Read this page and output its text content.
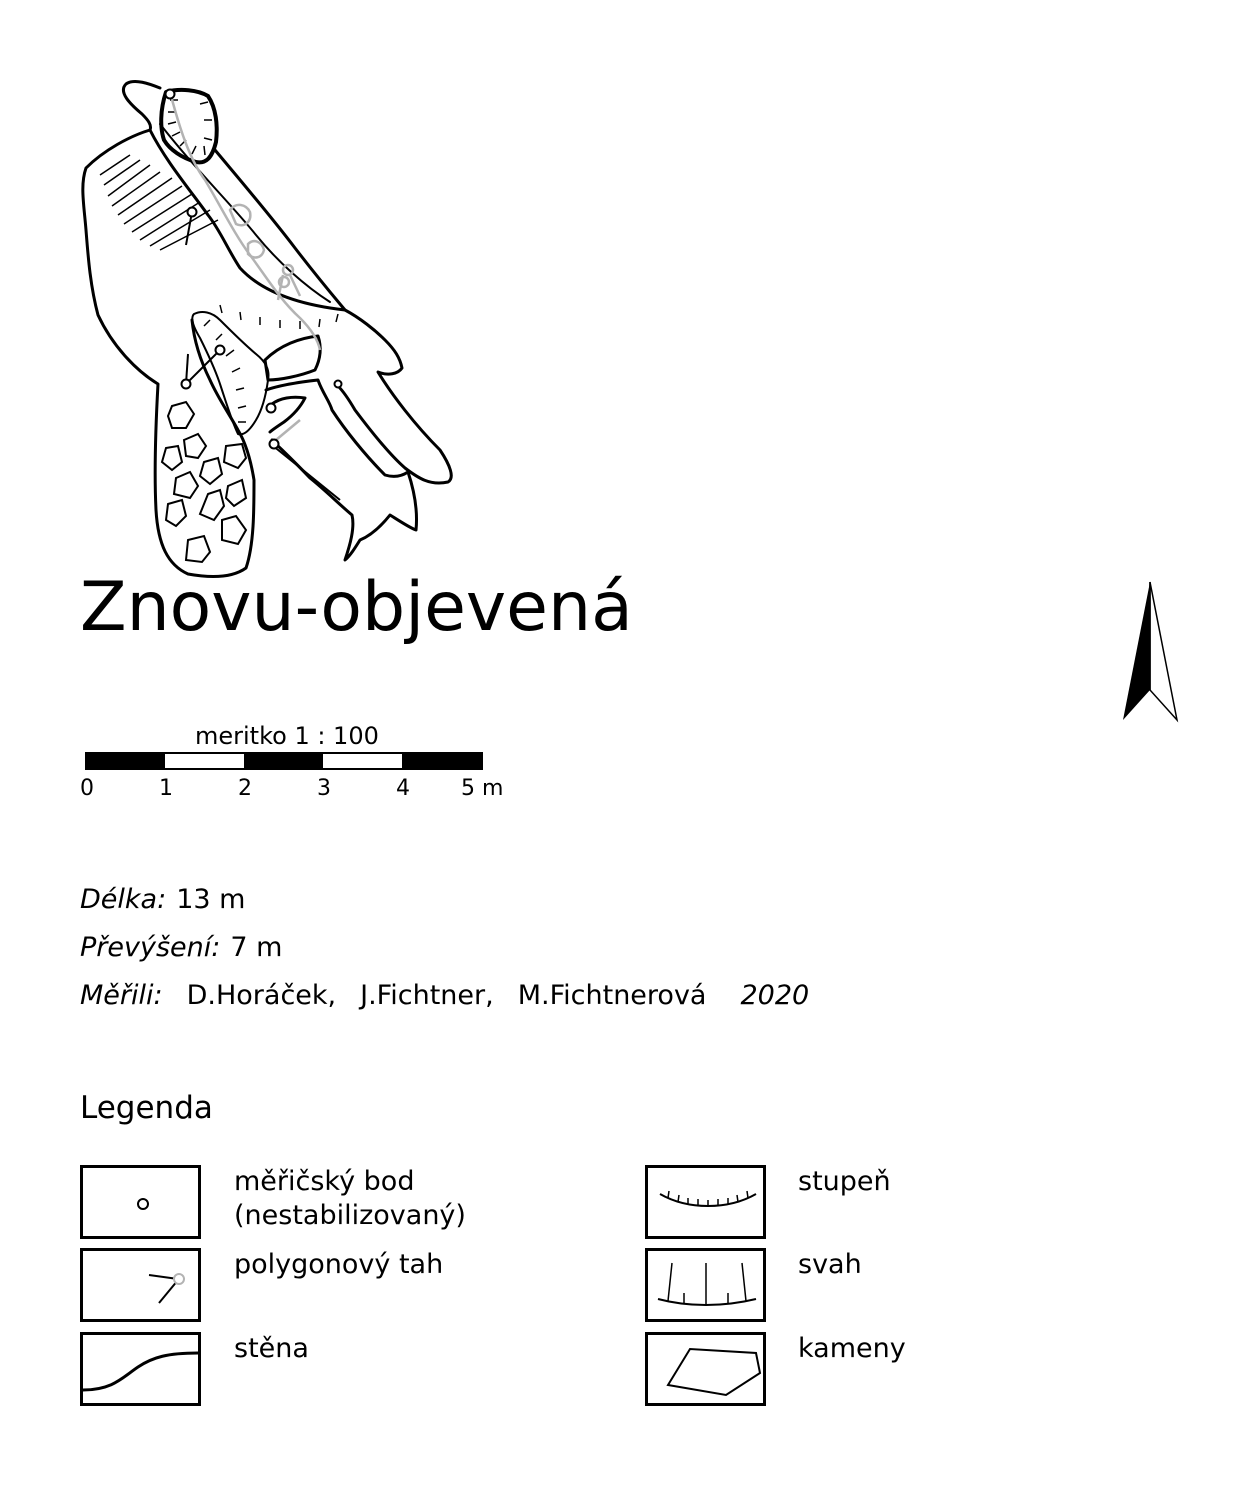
Znovu-objevená
meritko 1 : 100
0	1	2	3	4 5 m
Délka: 13 m
Převýšení: 7 m
Měřili: D.Horáček, J.Fichtner, M.Fichtnerová 2020
Legenda
měřičský bod
(nestabilizovaný)
polygonový tah
stěna
stupeň
svah
kameny
